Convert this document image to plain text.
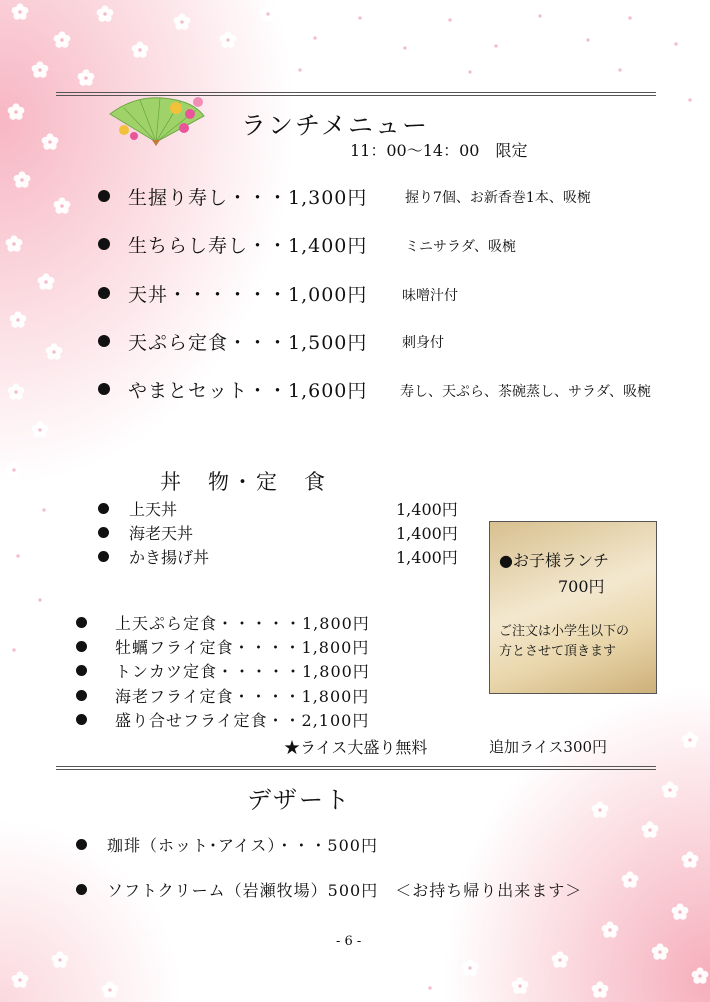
ランチメニュー
11：00〜14：00　限定
生握り寿し・・・1,300円	握り7個、お新香巻1本、吸椀
生ちらし寿し・・1,400円	ミニサラダ、吸椀
天丼・・・・・・1,000円 味噌汁付
天ぷら定食・・・1,500円 刺身付
やまとセット・・1,600円 寿し、天ぷら、茶碗蒸し、サラダ、吸椀
丼　物・定　食
上天丼	1,400円
海老天丼	1,400円
かき揚げ丼	1,400円	●お子様ランチ
700円
ご注文は小学生以下の
方とさせて頂きます
上天ぷら定食・・・・・1,800円
牡蠣フライ定食・・・・1,800円
トンカツ定食・・・・・1,800円
海老フライ定食・・・・1,800円
盛り合せフライ定食・・2,100円
★ライス大盛り無料	追加ライス300円
デザート
珈琲（ホット･アイス）・・・500円
ソフトクリーム（岩瀬牧場）500円　＜お持ち帰り出来ます＞
- 6 -
